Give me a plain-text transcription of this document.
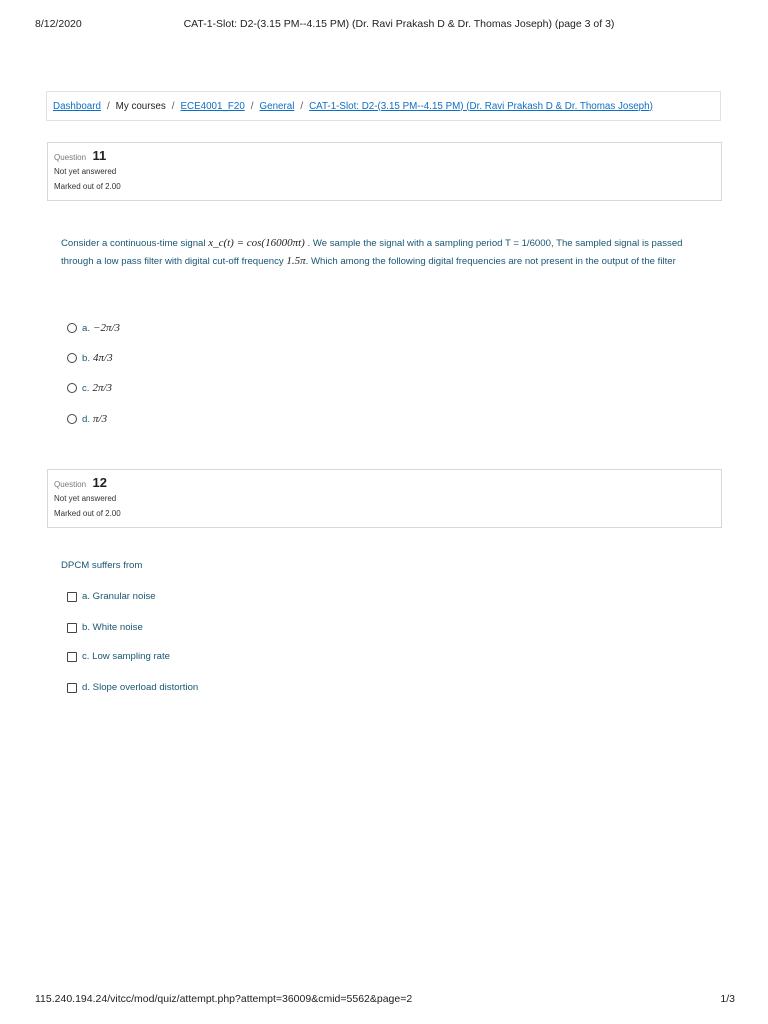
8/12/2020	CAT-1-Slot: D2-(3.15 PM--4.15 PM) (Dr. Ravi Prakash D & Dr. Thomas Joseph) (page 3 of 3)
Dashboard / My courses / ECE4001_F20 / General / CAT-1-Slot: D2-(3.15 PM--4.15 PM) (Dr. Ravi Prakash D & Dr. Thomas Joseph)
Question 11
Not yet answered
Marked out of 2.00
Consider a continuous-time signal x_c(t) = cos(16000πt) . We sample the signal with a sampling period T = 1/6000, The sampled signal is passed through a low pass filter with digital cut-off frequency 1.5π. Which among the following digital frequencies are not present in the output of the filter
a. −2π/3
b. 4π/3
c. 2π/3
d. π/3
Question 12
Not yet answered
Marked out of 2.00
DPCM suffers from
a. Granular noise
b. White noise
c. Low sampling rate
d. Slope overload distortion
115.240.194.24/vitcc/mod/quiz/attempt.php?attempt=36009&cmid=5562&page=2	1/3
